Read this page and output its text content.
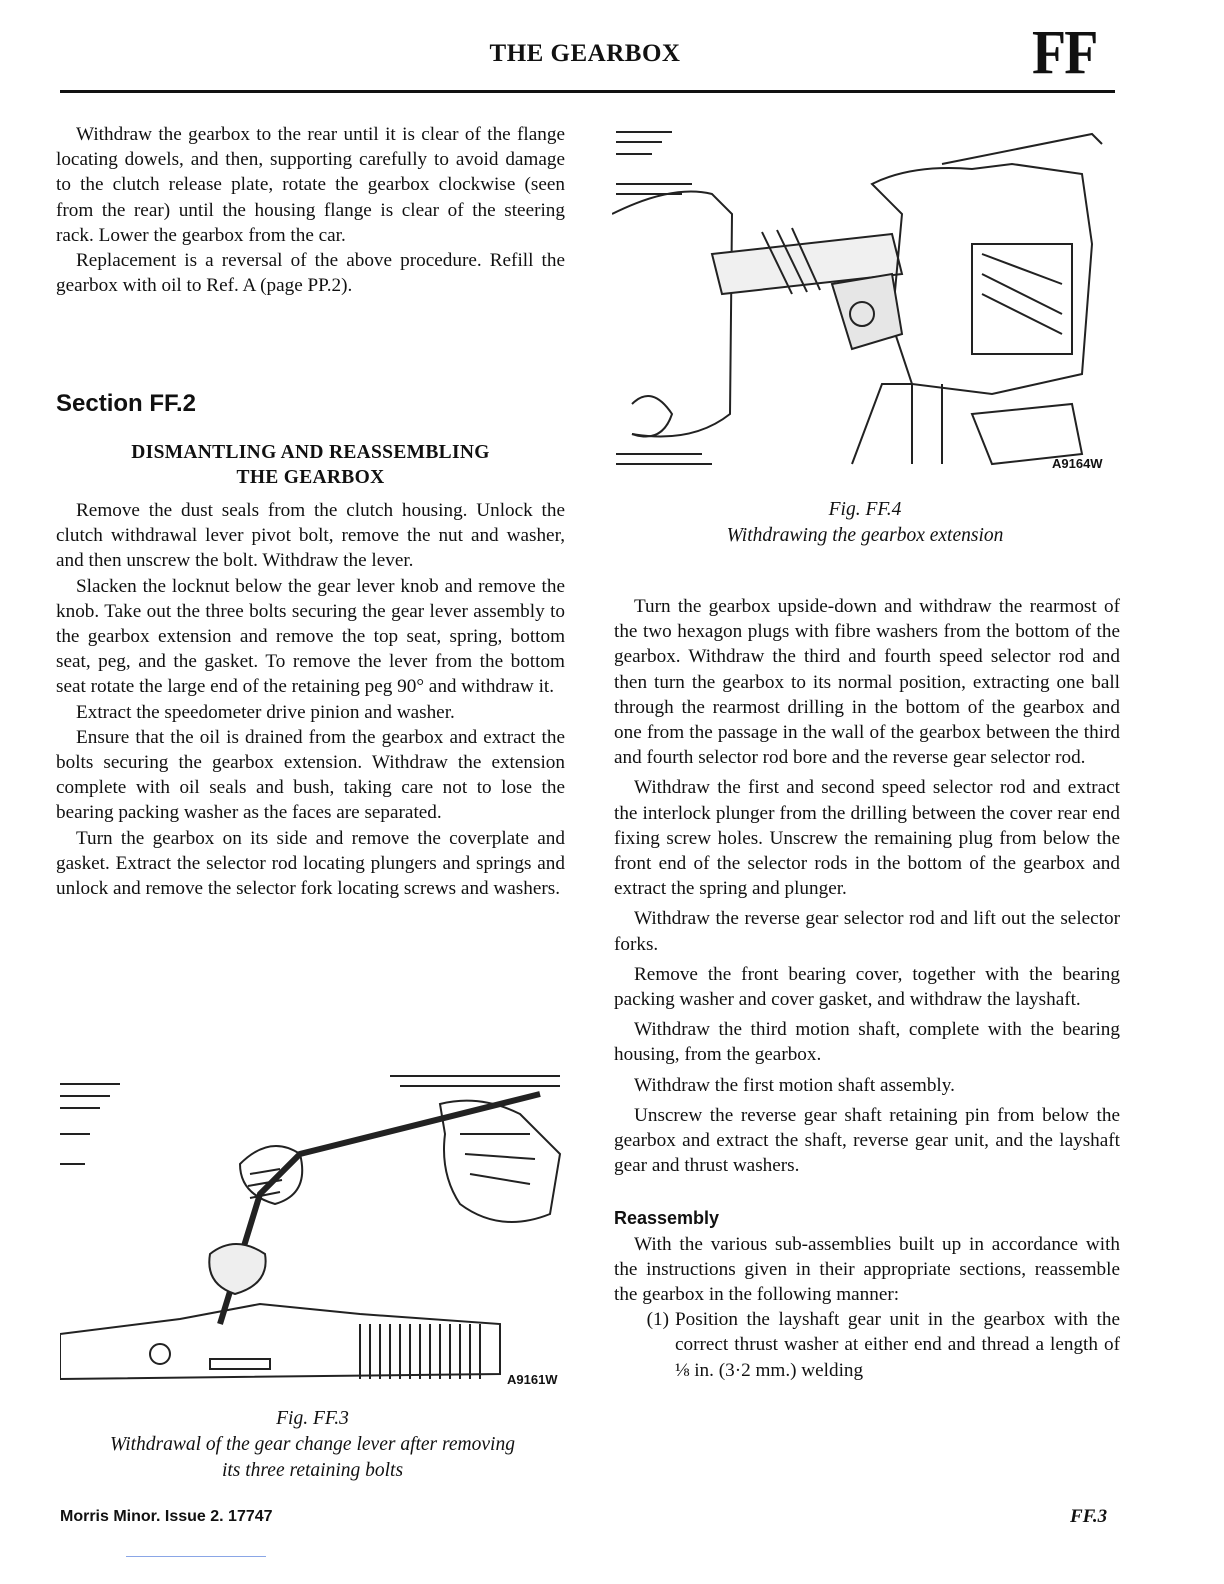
THE GEARBOX	FF

Withdraw the gearbox to the rear until it is clear of the flange locating dowels, and then, supporting carefully to avoid damage to the clutch release plate, rotate the gearbox clockwise (seen from the rear) until the housing flange is clear of the steering rack. Lower the gearbox from the car.

Replacement is a reversal of the above procedure. Refill the gearbox with oil to Ref. A (page PP.2).

Section FF.2
DISMANTLING AND REASSEMBLING
THE GEARBOX

Remove the dust seals from the clutch housing. Unlock the clutch withdrawal lever pivot bolt, remove the nut and washer, and then unscrew the bolt. Withdraw the lever.

Slacken the locknut below the gear lever knob and remove the knob. Take out the three bolts securing the gear lever assembly to the gearbox extension and remove the top seat, spring, bottom seat, peg, and the gasket. To remove the lever from the bottom seat rotate the large end of the retaining peg 90° and withdraw it.

Extract the speedometer drive pinion and washer.

Ensure that the oil is drained from the gearbox and extract the bolts securing the gearbox extension. Withdraw the extension complete with oil seals and bush, taking care not to lose the bearing packing washer as the faces are separated.

Turn the gearbox on its side and remove the coverplate and gasket. Extract the selector rod locating plungers and springs and unlock and remove the selector fork locating screws and washers.

A9164W
Fig. FF.4
Withdrawing the gearbox extension

Turn the gearbox upside-down and withdraw the rearmost of the two hexagon plugs with fibre washers from the bottom of the gearbox. Withdraw the third and fourth speed selector rod and then turn the gearbox to its normal position, extracting one ball through the rearmost drilling in the bottom of the gearbox and one from the passage in the wall of the gearbox between the third and fourth selector rod bore and the reverse gear selector rod.

Withdraw the first and second speed selector rod and extract the interlock plunger from the drilling between the cover rear end fixing screw holes. Unscrew the remaining plug from below the front end of the selector rods in the bottom of the gearbox and extract the spring and plunger.

Withdraw the reverse gear selector rod and lift out the selector forks.

Remove the front bearing cover, together with the bearing packing washer and cover gasket, and withdraw the layshaft.

Withdraw the third motion shaft, complete with the bearing housing, from the gearbox.

Withdraw the first motion shaft assembly.

Unscrew the reverse gear shaft retaining pin from below the gearbox and extract the shaft, reverse gear unit, and the layshaft gear and thrust washers.

Reassembly

With the various sub-assemblies built up in accordance with the instructions given in their appropriate sections, reassemble the gearbox in the following manner:

(1) Position the layshaft gear unit in the gearbox with the correct thrust washer at either end and thread a length of ⅛ in. (3·2 mm.) welding
A9161W
Fig. FF.3
Withdrawal of the gear change lever after removing
its three retaining bolts
Morris Minor. Issue 2. 17747	FF.3
